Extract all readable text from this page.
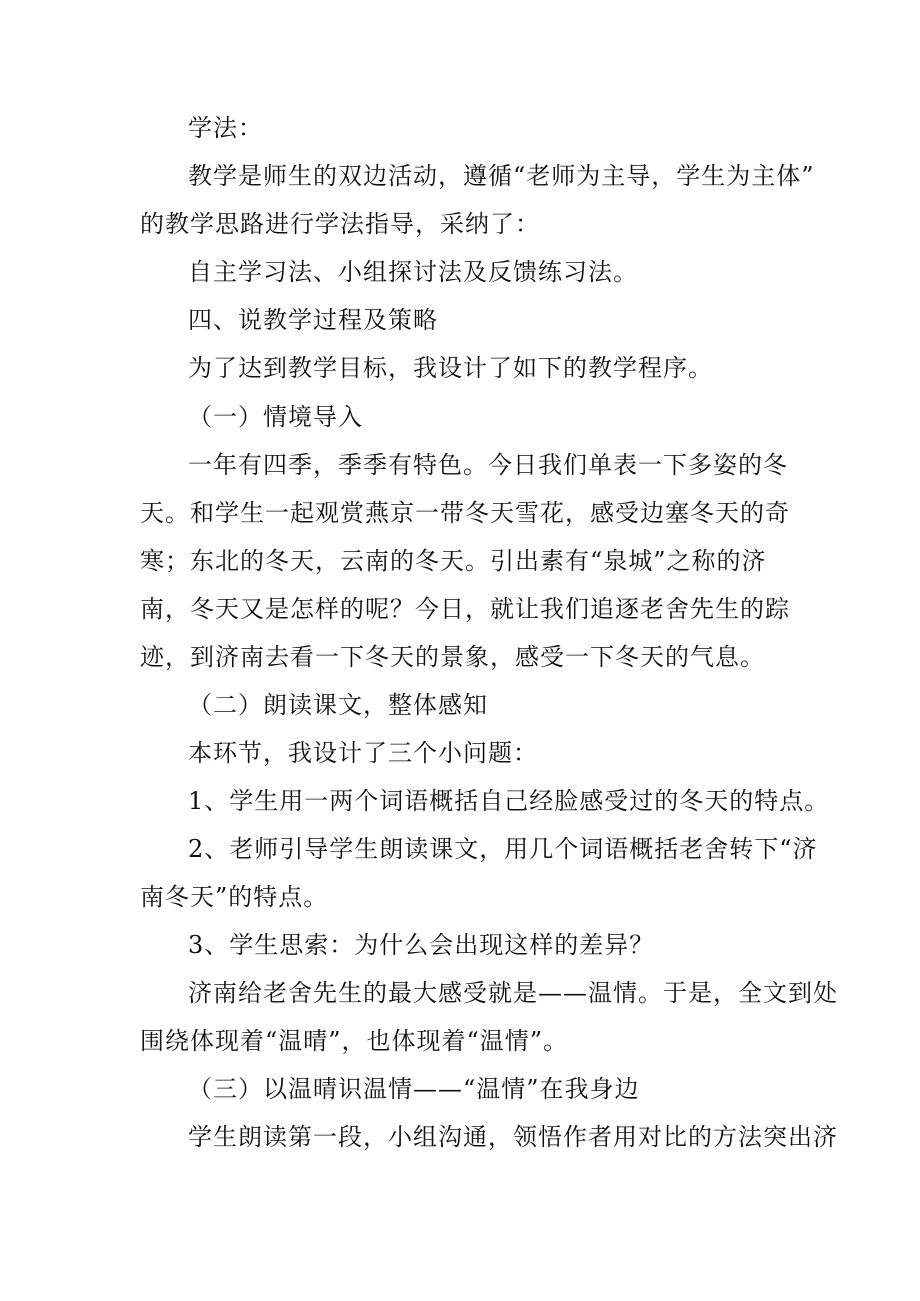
学法：
教学是师生的双边活动，遵循“老师为主导，学生为主体”
的教学思路进行学法指导，采纳了：
自主学习法、小组探讨法及反馈练习法。
四、说教学过程及策略
为了达到教学目标，我设计了如下的教学程序。
（一）情境导入
一年有四季，季季有特色。今日我们单表一下多姿的冬
天。和学生一起观赏燕京一带冬天雪花，感受边塞冬天的奇
寒；东北的冬天，云南的冬天。引出素有“泉城”之称的济
南，冬天又是怎样的呢？今日，就让我们追逐老舍先生的踪
迹，到济南去看一下冬天的景象，感受一下冬天的气息。
（二）朗读课文，整体感知
本环节，我设计了三个小问题：
1、学生用一两个词语概括自己经脸感受过的冬天的特点。
2、老师引导学生朗读课文，用几个词语概括老舍转下“济
南冬天”的特点。
3、学生思索：为什么会出现这样的差异？
济南给老舍先生的最大感受就是——温情。于是，全文到处
围绕体现着“温晴”，也体现着“温情”。
（三）以温晴识温情——“温情”在我身边
学生朗读第一段，小组沟通，领悟作者用对比的方法突出济
